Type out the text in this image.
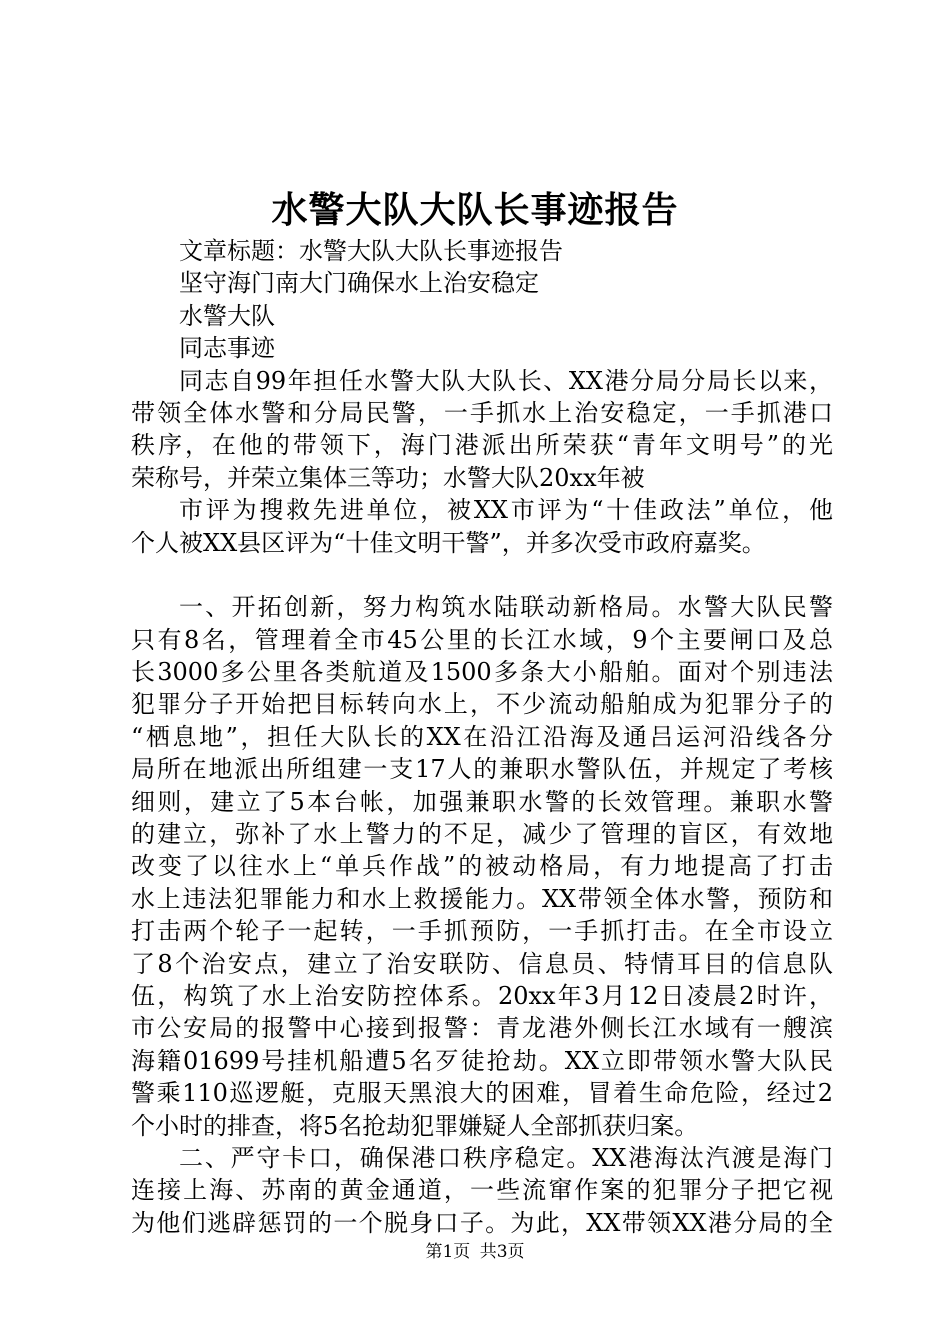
水警大队大队长事迹报告
文章标题：水警大队大队长事迹报告
坚守海门南大门确保水上治安稳定
水警大队
同志事迹
同志自99年担任水警大队大队长、XX港分局分局长以来，
带领全体水警和分局民警，一手抓水上治安稳定，一手抓港口
秩序，在他的带领下，海门港派出所荣获“青年文明号”的光
荣称号，并荣立集体三等功；水警大队20xx年被
市评为搜救先进单位，被XX市评为“十佳政法”单位，他
个人被XX县区评为“十佳文明干警”，并多次受市政府嘉奖。
一、开拓创新，努力构筑水陆联动新格局。水警大队民警
只有8名，管理着全市45公里的长江水域，9个主要闸口及总
长3000多公里各类航道及1500多条大小船舶。面对个别违法
犯罪分子开始把目标转向水上，不少流动船舶成为犯罪分子的
“栖息地”，担任大队长的XX在沿江沿海及通吕运河沿线各分
局所在地派出所组建一支17人的兼职水警队伍，并规定了考核
细则，建立了5本台帐，加强兼职水警的长效管理。兼职水警
的建立，弥补了水上警力的不足，减少了管理的盲区，有效地
改变了以往水上“单兵作战”的被动格局，有力地提高了打击
水上违法犯罪能力和水上救援能力。XX带领全体水警，预防和
打击两个轮子一起转，一手抓预防，一手抓打击。在全市设立
了8个治安点，建立了治安联防、信息员、特情耳目的信息队
伍，构筑了水上治安防控体系。20xx年3月12日凌晨2时许，
市公安局的报警中心接到报警：青龙港外侧长江水域有一艘滨
海籍01699号挂机船遭5名歹徒抢劫。XX立即带领水警大队民
警乘110巡逻艇，克服天黑浪大的困难，冒着生命危险，经过2
个小时的排查，将5名抢劫犯罪嫌疑人全部抓获归案。
二、严守卡口，确保港口秩序稳定。XX港海汰汽渡是海门
连接上海、苏南的黄金通道，一些流窜作案的犯罪分子把它视
为他们逃辟惩罚的一个脱身口子。为此，XX带领XX港分局的全
第1页 共3页
